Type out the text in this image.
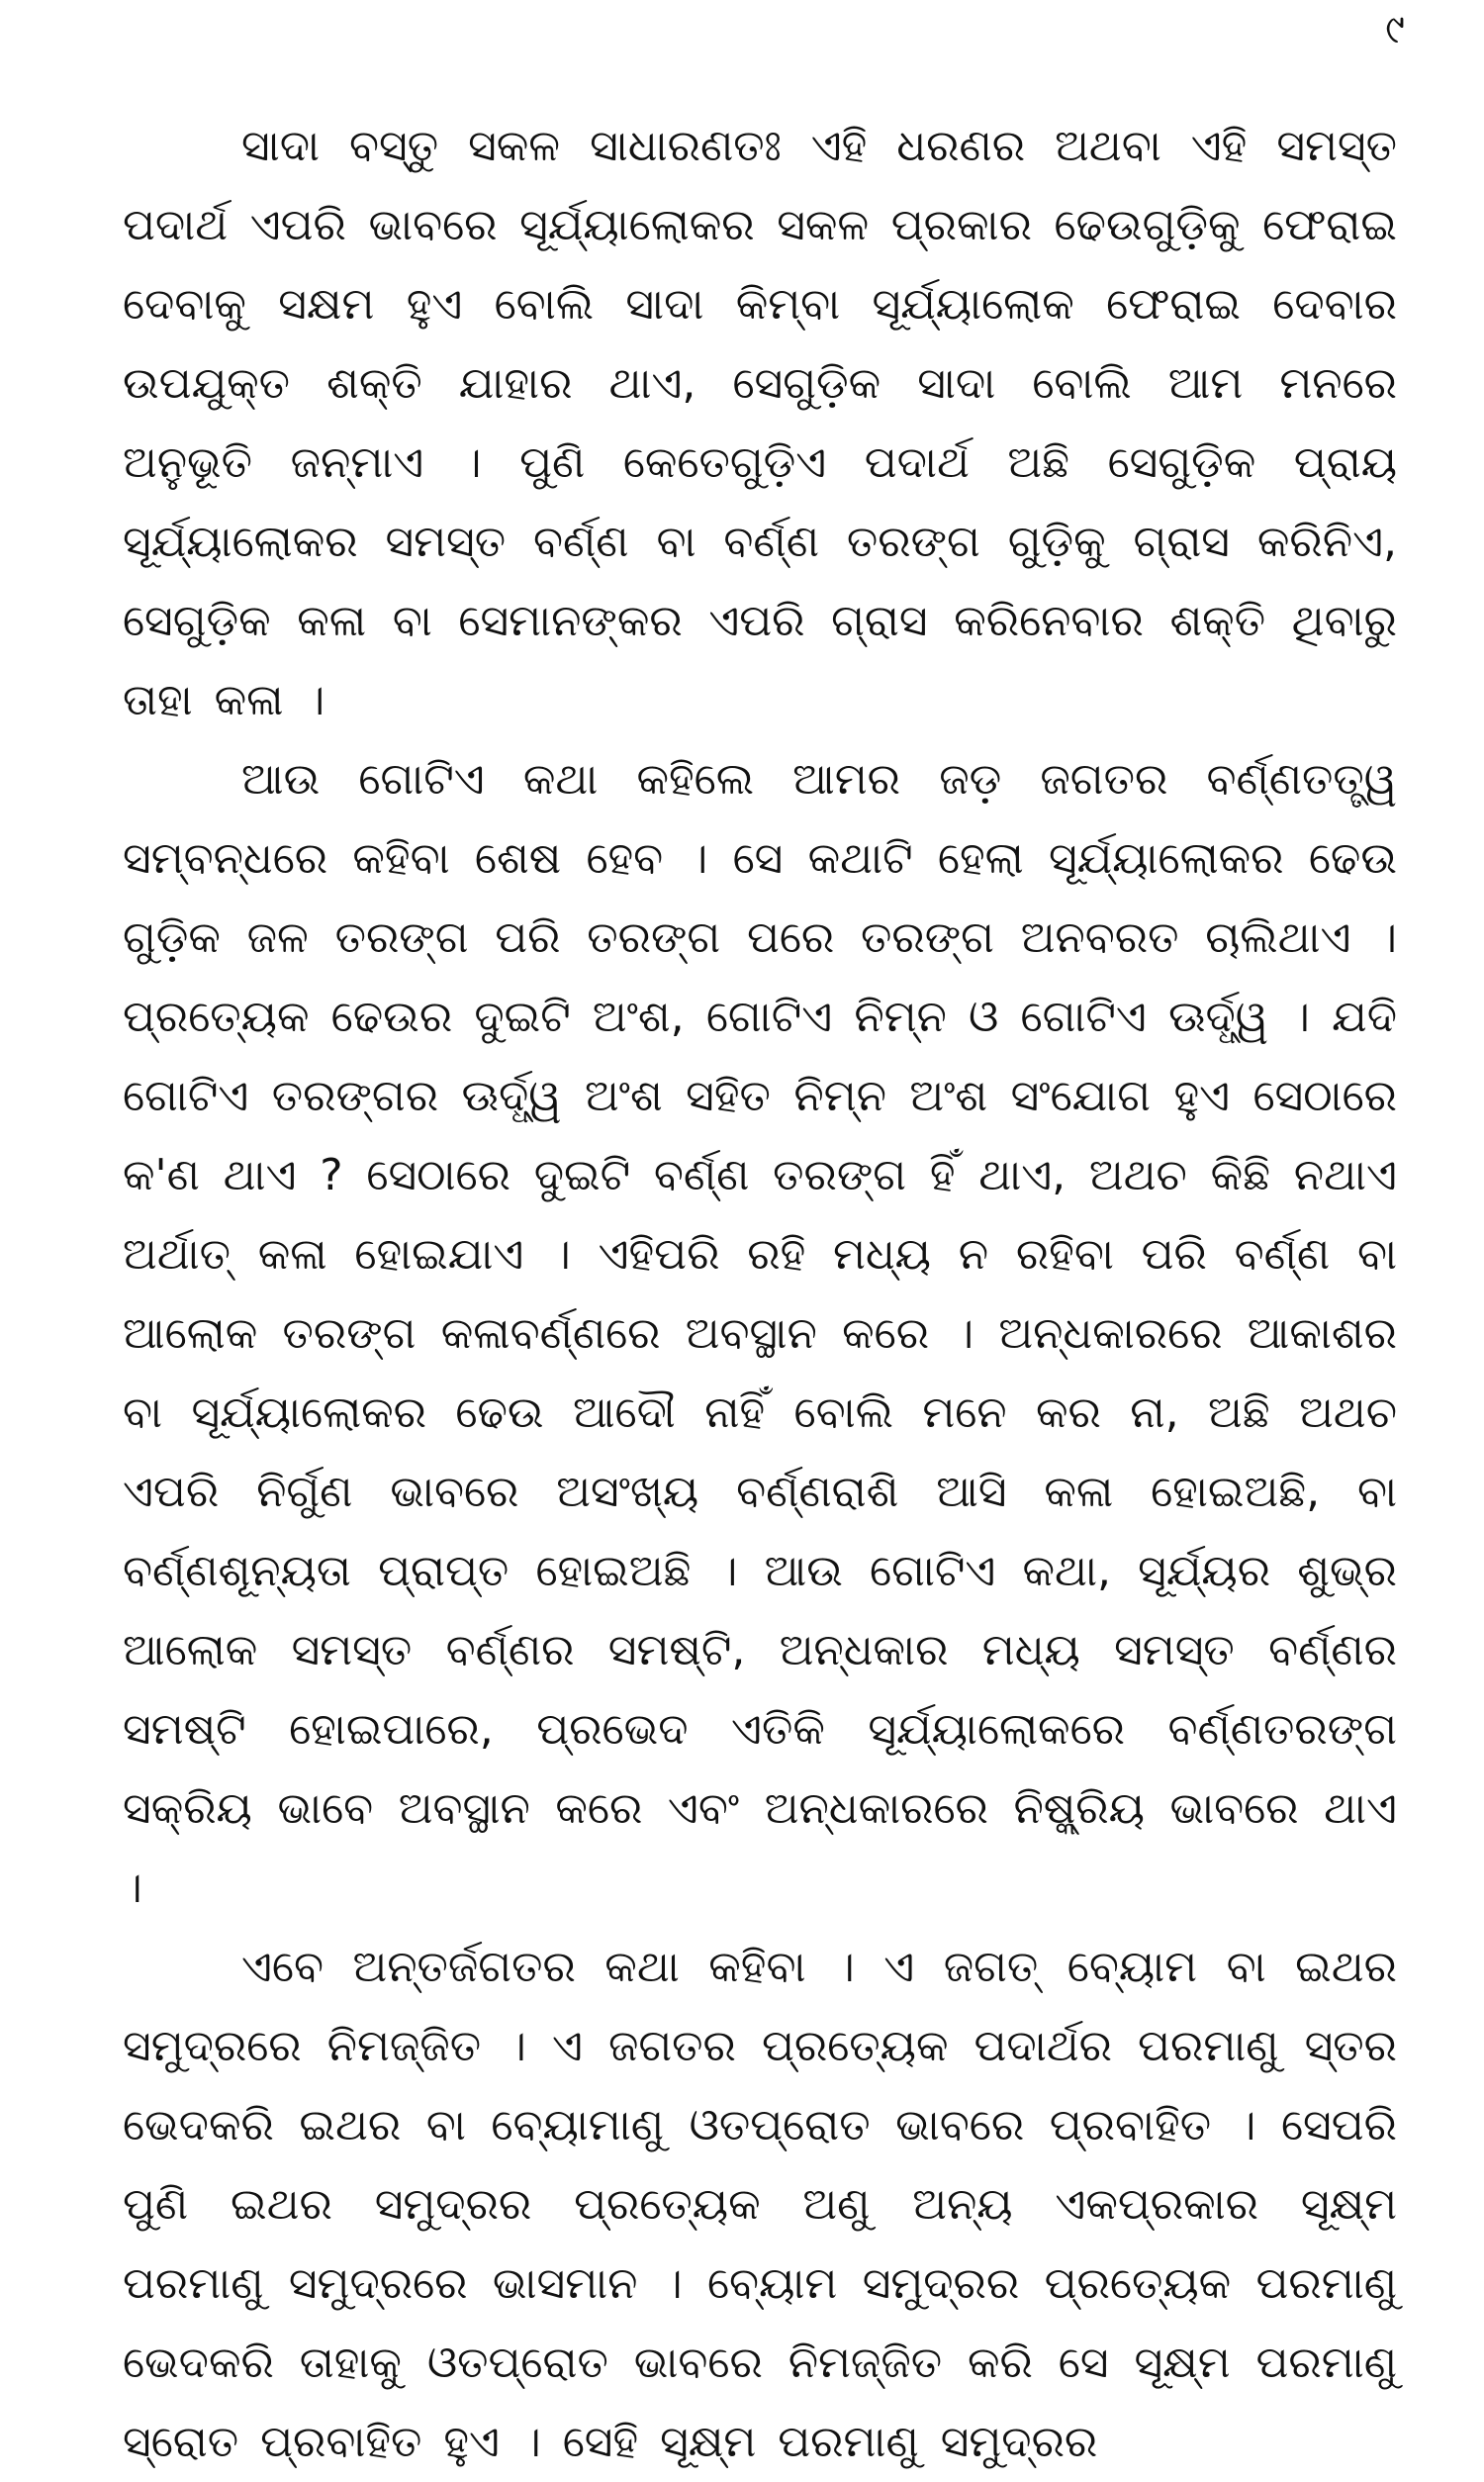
୯

ସାଦା ବସ୍ତୁ ସକଳ ସାଧାରଣତଃ ଏହି ଧରଣର ଅଥବା ଏହି ସମସ୍ତ ପଦାର୍ଥ ଏପରି ଭାବରେ ସୂର୍ଯ୍ୟାଲୋକର ସକଳ ପ୍ରକାର ଢେଉଗୁଡ଼ିକୁ ଫେରାଇ ଦେବାକୁ ସକ୍ଷମ ହୁଏ ବୋଲି ସାଦା କିମ୍ବା ସୂର୍ଯ୍ୟାଲୋକ ଫେରାଇ ଦେବାର ଉପଯୁକ୍ତ ଶକ୍ତି ଯାହାର ଥାଏ, ସେଗୁଡ଼ିକ ସାଦା ବୋଲି ଆମ ମନରେ ଅନୁଭୂତି ଜନ୍ମାଏ । ପୁଣି କେତେଗୁଡ଼ିଏ ପଦାର୍ଥ ଅଛି ସେଗୁଡ଼ିକ ପ୍ରାୟ ସୂର୍ଯ୍ୟାଲୋକର ସମସ୍ତ ବର୍ଣ୍ଣ ବା ବର୍ଣ୍ଣ ତରଙ୍ଗ ଗୁଡ଼ିକୁ ଗ୍ରାସ କରିନିଏ, ସେଗୁଡ଼ିକ କଳା ବା ସେମାନଙ୍କର ଏପରି ଗ୍ରାସ କରିନେବାର ଶକ୍ତି ଥିବାରୁ ତାହା କଳା ।

ଆଉ ଗୋଟିଏ କଥା କହିଲେ ଆମର ଜଡ଼ ଜଗତର ବର୍ଣ୍ଣତତ୍ତ୍ୱ ସମ୍ବନ୍ଧରେ କହିବା ଶେଷ ହେବ । ସେ କଥାଟି ହେଲା ସୂର୍ଯ୍ୟାଲୋକର ଢେଉ ଗୁଡ଼ିକ ଜଳ ତରଙ୍ଗ ପରି ତରଙ୍ଗ ପରେ ତରଙ୍ଗ ଅନବରତ ଚାଲିଥାଏ । ପ୍ରତ୍ୟେକ ଢେଉର ଦୁଇଟି ଅଂଶ, ଗୋଟିଏ ନିମ୍ନ ଓ ଗୋଟିଏ ଊର୍ଦ୍ଧ୍ୱ । ଯଦି ଗୋଟିଏ ତରଙ୍ଗର ଊର୍ଦ୍ଧ୍ୱ ଅଂଶ ସହିତ ନିମ୍ନ ଅଂଶ ସଂଯୋଗ ହୁଏ ସେଠାରେ କ'ଣ ଥାଏ ? ସେଠାରେ ଦୁଇଟି ବର୍ଣ୍ଣ ତରଙ୍ଗ ହିଁ ଥାଏ, ଅଥଚ କିଛି ନଥାଏ ଅର୍ଥାତ୍ କଳା ହୋଇଯାଏ । ଏହିପରି ରହି ମଧ୍ୟ ନ ରହିବା ପରି ବର୍ଣ୍ଣ ବା ଆଲୋକ ତରଙ୍ଗ କଳାବର୍ଣ୍ଣରେ ଅବସ୍ଥାନ କରେ । ଅନ୍ଧକାରରେ ଆକାଶର ବା ସୂର୍ଯ୍ୟାଲୋକର ଢେଉ ଆଦୌ ନାହିଁ ବୋଲି ମନେ କର ନା, ଅଛି ଅଥଚ ଏପରି ନିର୍ଗୁଣ ଭାବରେ ଅସଂଖ୍ୟ ବର୍ଣ୍ଣରାଶି ଆସି କଳା ହୋଇଅଛି, ବା ବର୍ଣ୍ଣଶୂନ୍ୟତା ପ୍ରାପ୍ତ ହୋଇଅଛି । ଆଉ ଗୋଟିଏ କଥା, ସୂର୍ଯ୍ୟର ଶୁଭ୍ର ଆଲୋକ ସମସ୍ତ ବର୍ଣ୍ଣର ସମଷ୍ଟି, ଅନ୍ଧକାର ମଧ୍ୟ ସମସ୍ତ ବର୍ଣ୍ଣର ସମଷ୍ଟି ହୋଇପାରେ, ପ୍ରଭେଦ ଏତିକି ସୂର୍ଯ୍ୟାଲୋକରେ ବର୍ଣ୍ଣତରଙ୍ଗ ସକ୍ରିୟ ଭାବେ ଅବସ୍ଥାନ କରେ ଏବଂ ଅନ୍ଧକାରରେ ନିଷ୍କ୍ରିୟ ଭାବରେ ଥାଏ ।

ଏବେ ଅନ୍ତର୍ଜଗତର କଥା କହିବା । ଏ ଜଗତ୍ ବ୍ୟୋମ ବା ଇଥର ସମୁଦ୍ରରେ ନିମଜ୍ଜିତ । ଏ ଜଗତର ପ୍ରତ୍ୟେକ ପଦାର୍ଥର ପରମାଣୁ ସ୍ତର ଭେଦକରି ଇଥର ବା ବ୍ୟୋମାଣୁ ଓତପ୍ରୋତ ଭାବରେ ପ୍ରବାହିତ । ସେପରି ପୁଣି ଇଥର ସମୁଦ୍ରର ପ୍ରତ୍ୟେକ ଅଣୁ ଅନ୍ୟ ଏକପ୍ରକାର ସୂକ୍ଷ୍ମ ପରମାଣୁ ସମୁଦ୍ରରେ ଭାସମାନ । ବ୍ୟୋମ ସମୁଦ୍ରର ପ୍ରତ୍ୟେକ ପରମାଣୁ ଭେଦକରି ତାହାକୁ ଓତପ୍ରୋତ ଭାବରେ ନିମଜ୍ଜିତ କରି ସେ ସୂକ୍ଷ୍ମ ପରମାଣୁ ସ୍ରୋତ ପ୍ରବାହିତ ହୁଏ । ସେହି ସୂକ୍ଷ୍ମ ପରମାଣୁ ସମୁଦ୍ରର
